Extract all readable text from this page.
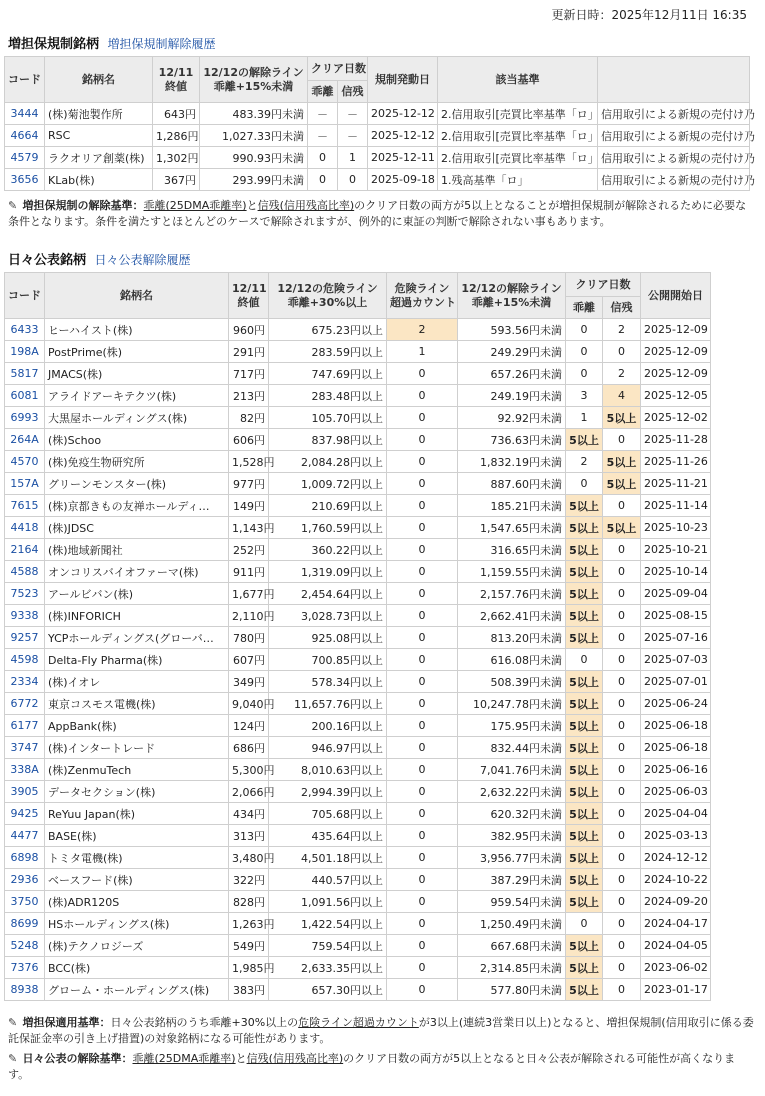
更新日時：2025年12月11日 16:35
増担保規制銘柄 増担保規制解除履歴
コード	銘柄名	12/11
終値	12/12の解除ライン
乖離+15%未満	クリア日数		規制発動日	該当基準	
				乖離	信残			
3444	(株)菊池製作所	643円	483.39円未満	－	－	2025-12-12	2.信用取引[売買比率基準「ロ」	信用取引による新規の売付け乃
4664	RSC	1,286円	1,027.33円未満	－	－	2025-12-12	2.信用取引[売買比率基準「ロ」	信用取引による新規の売付け乃
4579	ラクオリア創薬(株)	1,302円	990.93円未満	0	1	2025-12-11	2.信用取引[売買比率基準「ロ」	信用取引による新規の売付け乃
3656	KLab(株)	367円	293.99円未満	0	0	2025-09-18	1.残高基準「ロ」	信用取引による新規の売付け乃
✎ 増担保規制の解除基準：乖離(25DMA乖離率)と信残(信用残高比率)のクリア日数の両方が5以上となることが増担保規制が解除されるために必要な条件となります。条件を満たすとほとんどのケースで解除されますが、例外的に東証の判断で解除されない事もあります。
日々公表銘柄 日々公表解除履歴
コード	銘柄名	12/11
終値	12/12の危険ライン
乖離+30%以上	危険ライン
超過カウント	12/12の解除ライン
乖離+15%未満	クリア日数		公開開始日
						乖離	信残	
6433	ヒーハイスト(株)	960円	675.23円以上	2	593.56円未満	0	2	2025-12-09
198A	PostPrime(株)	291円	283.59円以上	1	249.29円未満	0	0	2025-12-09
5817	JMACS(株)	717円	747.69円以上	0	657.26円未満	0	2	2025-12-09
6081	アライドアーキテクツ(株)	213円	283.48円以上	0	249.19円未満	3	4	2025-12-05
6993	大黒屋ホールディングス(株)	82円	105.70円以上	0	92.92円未満	1	5以上	2025-12-02
264A	(株)Schoo	606円	837.98円以上	0	736.63円未満	5以上	0	2025-11-28
4570	(株)免疫生物研究所	1,528円	2,084.28円以上	0	1,832.19円未満	2	5以上	2025-11-26
157A	グリーンモンスター(株)	977円	1,009.72円以上	0	887.60円未満	0	5以上	2025-11-21
7615	(株)京都きもの友禅ホールディ…	149円	210.69円以上	0	185.21円未満	5以上	0	2025-11-14
4418	(株)JDSC	1,143円	1,760.59円以上	0	1,547.65円未満	5以上	5以上	2025-10-23
2164	(株)地域新聞社	252円	360.22円以上	0	316.65円未満	5以上	0	2025-10-21
4588	オンコリスバイオファーマ(株)	911円	1,319.09円以上	0	1,159.55円未満	5以上	0	2025-10-14
7523	アールビバン(株)	1,677円	2,454.64円以上	0	2,157.76円未満	5以上	0	2025-09-04
9338	(株)INFORICH	2,110円	3,028.73円以上	0	2,662.41円未満	5以上	0	2025-08-15
9257	YCPホールディングス(グローバ…	780円	925.08円以上	0	813.20円未満	5以上	0	2025-07-16
4598	Delta-Fly Pharma(株)	607円	700.85円以上	0	616.08円未満	0	0	2025-07-03
2334	(株)イオレ	349円	578.34円以上	0	508.39円未満	5以上	0	2025-07-01
6772	東京コスモス電機(株)	9,040円	11,657.76円以上	0	10,247.78円未満	5以上	0	2025-06-24
6177	AppBank(株)	124円	200.16円以上	0	175.95円未満	5以上	0	2025-06-18
3747	(株)インタートレード	686円	946.97円以上	0	832.44円未満	5以上	0	2025-06-18
338A	(株)ZenmuTech	5,300円	8,010.63円以上	0	7,041.76円未満	5以上	0	2025-06-16
3905	データセクション(株)	2,066円	2,994.39円以上	0	2,632.22円未満	5以上	0	2025-06-03
9425	ReYuu Japan(株)	434円	705.68円以上	0	620.32円未満	5以上	0	2025-04-04
4477	BASE(株)	313円	435.64円以上	0	382.95円未満	5以上	0	2025-03-13
6898	トミタ電機(株)	3,480円	4,501.18円以上	0	3,956.77円未満	5以上	0	2024-12-12
2936	ベースフード(株)	322円	440.57円以上	0	387.29円未満	5以上	0	2024-10-22
3750	(株)ADR120S	828円	1,091.56円以上	0	959.54円未満	5以上	0	2024-09-20
8699	HSホールディングス(株)	1,263円	1,422.54円以上	0	1,250.49円未満	0	0	2024-04-17
5248	(株)テクノロジーズ	549円	759.54円以上	0	667.68円未満	5以上	0	2024-04-05
7376	BCC(株)	1,985円	2,633.35円以上	0	2,314.85円未満	5以上	0	2023-06-02
8938	グローム・ホールディングス(株)	383円	657.30円以上	0	577.80円未満	5以上	0	2023-01-17
✎ 増担保適用基準：日々公表銘柄のうち乖離+30%以上の危険ライン超過カウントが3以上(連続3営業日以上)となると、増担保規制(信用取引に係る委託保証金率の引き上げ措置)の対象銘柄になる可能性があります。
✎ 日々公表の解除基準：乖離(25DMA乖離率)と信残(信用残高比率)のクリア日数の両方が5以上となると日々公表が解除される可能性が高くなります。
